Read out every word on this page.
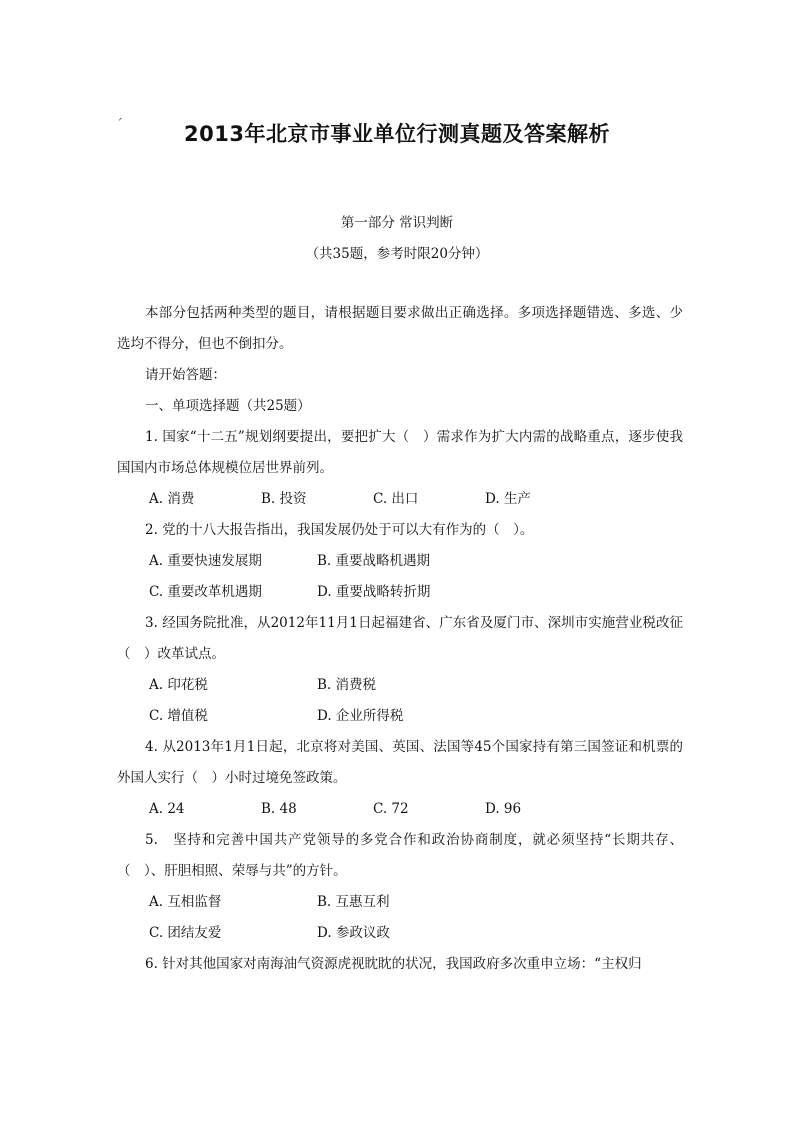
ˊ	2013年北京市事业单位行测真题及答案解析
第一部分 常识判断
（共35题，参考时限20分钟）

本部分包括两种类型的题目，请根据题目要求做出正确选择。多项选择题错选、多选、少选均不得分，但也不倒扣分。

请开始答题：

一、单项选择题（共25题）

1. 国家“十二五”规划纲要提出，要把扩大（　）需求作为扩大内需的战略重点，逐步使我国国内市场总体规模位居世界前列。

A. 消费	B. 投资	C. 出口	D. 生产

2. 党的十八大报告指出，我国发展仍处于可以大有作为的（　）。

A. 重要快速发展期	B. 重要战略机遇期
C. 重要改革机遇期	D. 重要战略转折期

3. 经国务院批准，从2012年11月1日起福建省、广东省及厦门市、深圳市实施营业税改征（　）改革试点。

A. 印花税	B. 消费税
C. 增值税	D. 企业所得税

4. 从2013年1月1日起，北京将对美国、英国、法国等45个国家持有第三国签证和机票的外国人实行（　）小时过境免签政策。

A. 24	B. 48	C. 72	D. 96

5.　坚持和完善中国共产党领导的多党合作和政治协商制度，就必须坚持“长期共存、（　）、肝胆相照、荣辱与共”的方针。

A. 互相监督	B. 互惠互利
C. 团结友爱	D. 参政议政

6. 针对其他国家对南海油气资源虎视眈眈的状况，我国政府多次重申立场：“主权归
